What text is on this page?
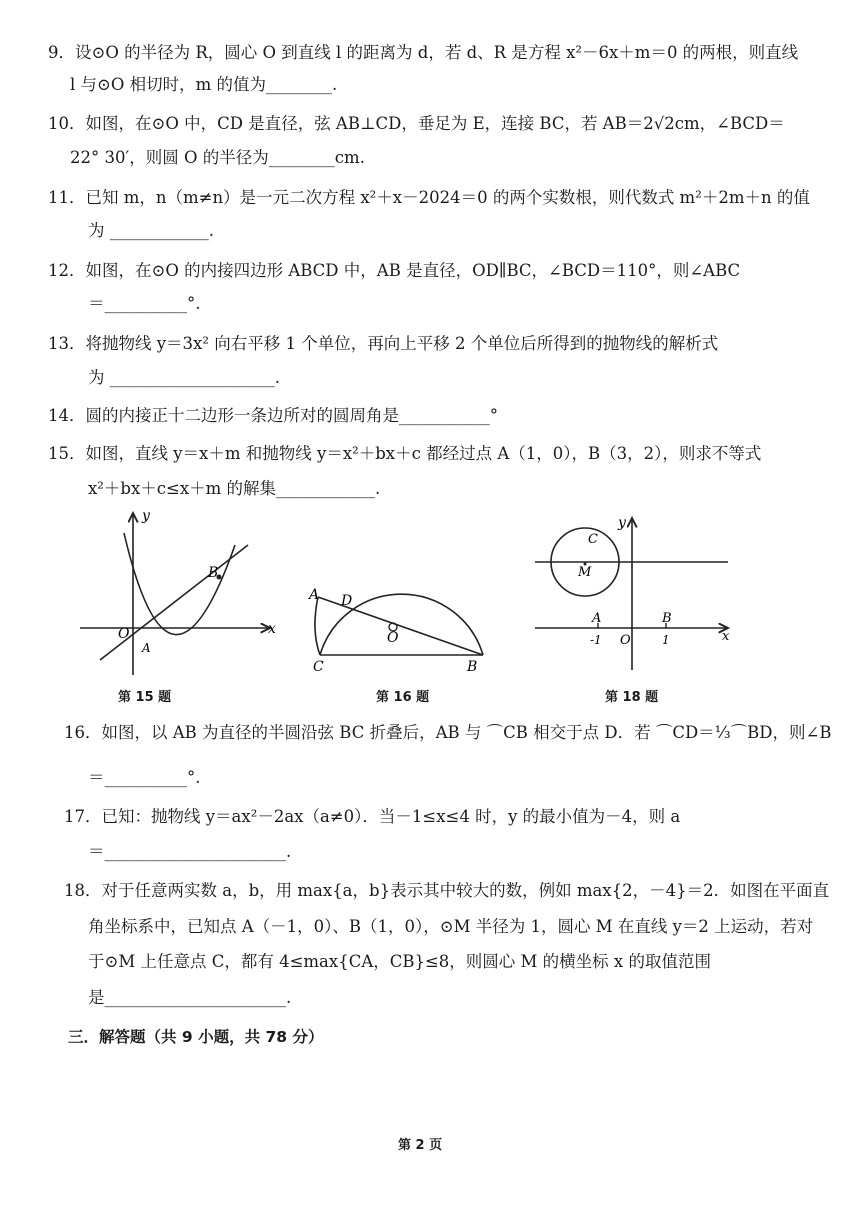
9．设⊙O 的半径为 R，圆心 O 到直线 l 的距离为 d，若 d、R 是方程 x²－6x＋m＝0 的两根，则直线
l 与⊙O 相切时，m 的值为________.
10．如图，在⊙O 中，CD 是直径，弦 AB⊥CD，垂足为 E，连接 BC，若 AB＝2√2cm，∠BCD＝
22° 30′，则圆 O 的半径为________cm.
11．已知 m，n（m≠n）是一元二次方程 x²＋x－2024＝0 的两个实数根，则代数式 m²＋2m＋n 的值
为 ____________.
12．如图，在⊙O 的内接四边形 ABCD 中，AB 是直径，OD∥BC，∠BCD＝110°，则∠ABC
＝__________°.
13．将抛物线 y＝3x² 向右平移 1 个单位，再向上平移 2 个单位后所得到的抛物线的解析式
为 ____________________.
14．圆的内接正十二边形一条边所对的圆周角是___________°
15．如图，直线 y＝x＋m 和抛物线 y＝x²＋bx＋c 都经过点 A（1，0），B（3，2），则求不等式
x²＋bx＋c≤x＋m 的解集____________.
y
x
O
A
B
第 15 题
A D
O
C	B
第 16 题
y
C
M
A	B
-1 O	1	x
第 18 题
16．如图，以 AB 为直径的半圆沿弦 BC 折叠后，AB 与 ⌒CB 相交于点 D．若 ⌒CD＝⅓⌒BD，则∠B
＝__________°.
17．已知：抛物线 y＝ax²－2ax（a≠0）．当－1≤x≤4 时，y 的最小值为－4，则 a
＝______________________.
18．对于任意两实数 a，b，用 max{a，b}表示其中较大的数，例如 max{2，－4}＝2．如图在平面直
角坐标系中，已知点 A（－1，0）、B（1，0），⊙M 半径为 1，圆心 M 在直线 y＝2 上运动，若对
于⊙M 上任意点 C，都有 4≤max{CA，CB}≤8，则圆心 M 的横坐标 x 的取值范围
是______________________.
三．解答题（共 9 小题，共 78 分）
第 2 页
